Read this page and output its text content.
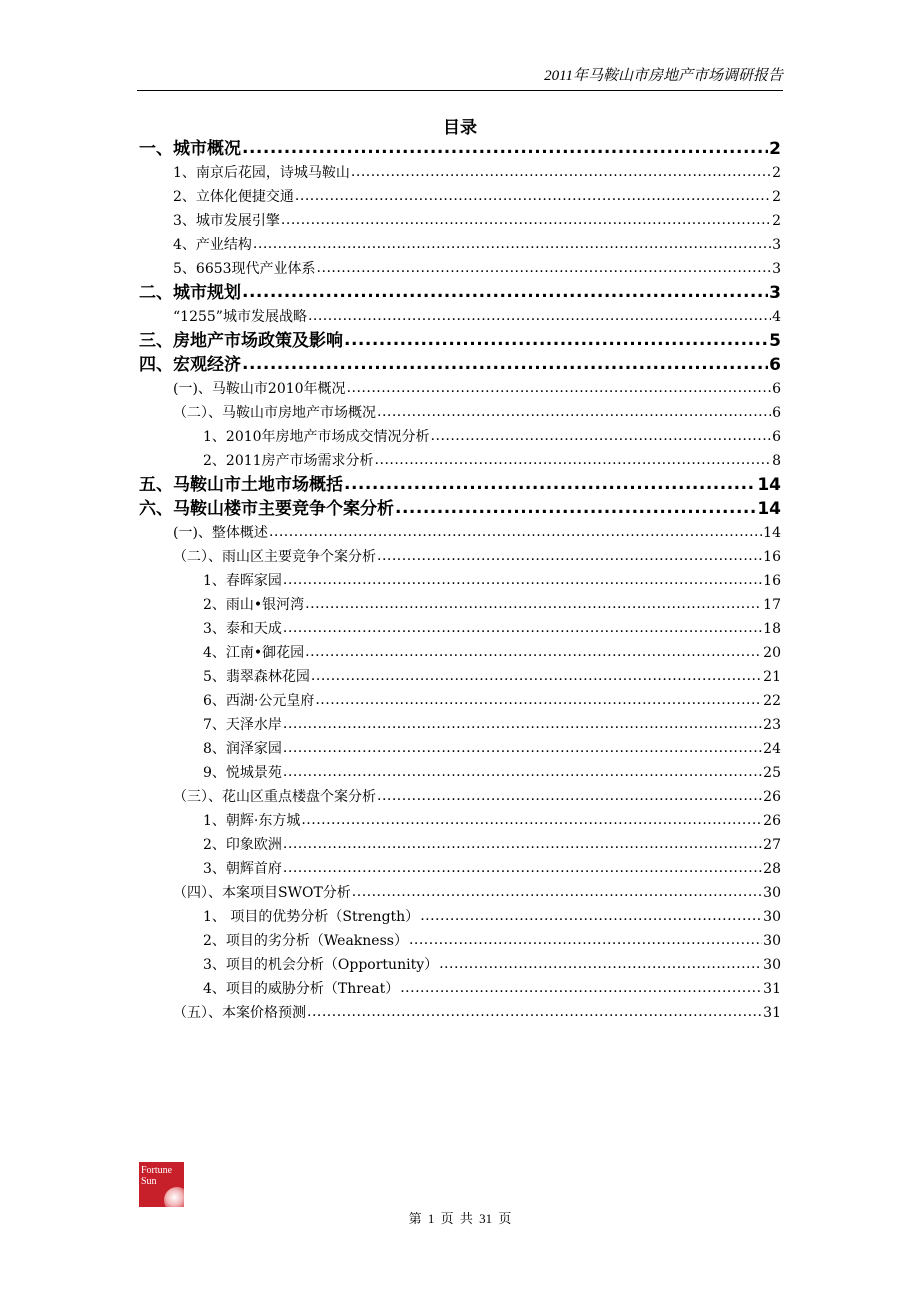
2011年马鞍山市房地产市场调研报告
目录
一、城市概况 .....	2
1、南京后花园，诗城马鞍山 .....	2
2、立体化便捷交通 .....	2
3、城市发展引擎 .....	2
4、产业结构 .....	3
5、6653现代产业体系 .....	3
二、城市规划 .....	3
“1255”城市发展战略 .....	4
三、房地产市场政策及影响 .....	5
四、宏观经济 .....	6
(一)、马鞍山市2010年概况 .....	6
（二）、马鞍山市房地产市场概况 .....	6
1、2010年房地产市场成交情况分析 .....	6
2、2011房产市场需求分析 .....	8
五、马鞍山市土地市场概括 .....	14
六、马鞍山楼市主要竞争个案分析 .....	14
(一)、整体概述 .....	14
（二）、雨山区主要竞争个案分析 .....	16
1、春晖家园 .....	16
2、雨山•银河湾 .....	17
3、泰和天成 .....	18
4、江南•御花园 .....	20
5、翡翠森林花园 .....	21
6、西湖·公元皇府 .....	22
7、天泽水岸 .....	23
8、润泽家园 .....	24
9、悦城景苑 .....	25
（三）、花山区重点楼盘个案分析 .....	26
1、朝辉·东方城 .....	26
2、印象欧洲 .....	27
3、朝辉首府 .....	28
（四）、本案项目SWOT分析 .....	30
1、 项目的优势分析（Strength） .....	30
2、项目的劣分析（Weakness） .....	30
3、项目的机会分析（Opportunity） .....	30
4、项目的威胁分析（Threat） .....	31
（五）、本案价格预测 .....	31
Fortune
Sun
第 1 页 共 31 页
